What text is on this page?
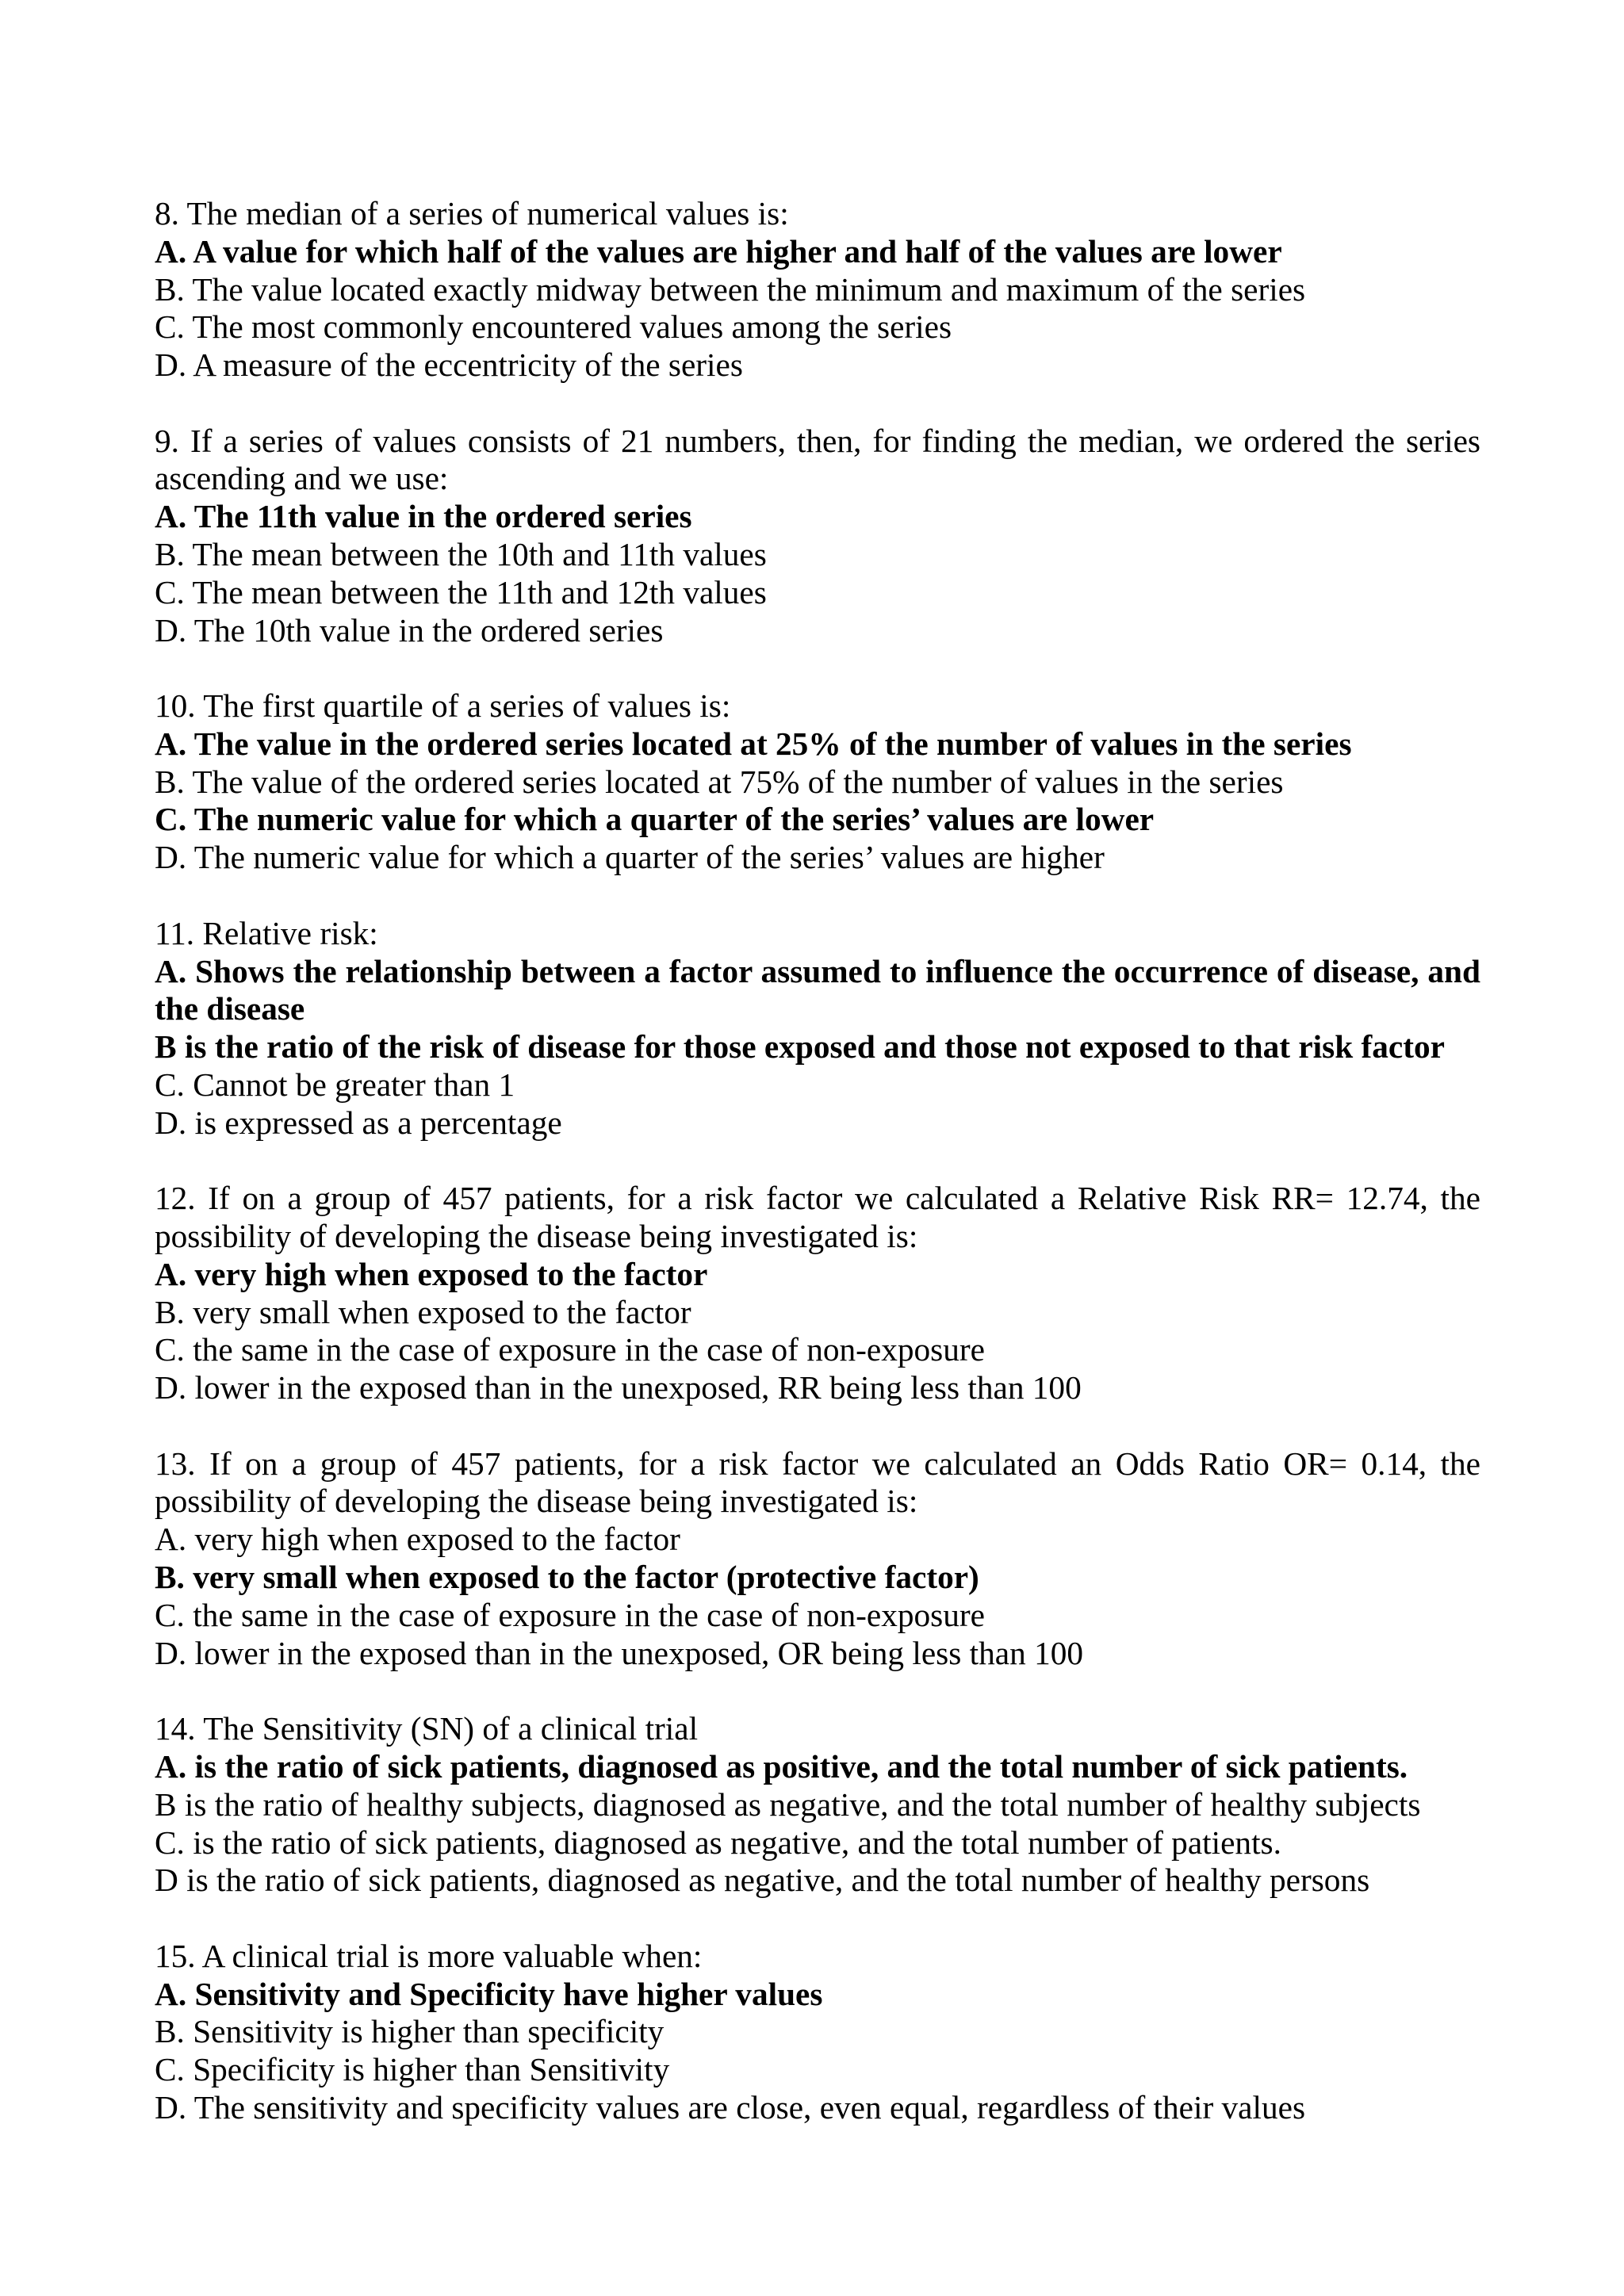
8. The median of a series of numerical values is:

A. A value for which half of the values are higher and half of the values are lower

B. The value located exactly midway between the minimum and maximum of the series

C. The most commonly encountered values among the series

D. A measure of the eccentricity of the series

9. If a series of values consists of 21 numbers, then, for finding the median, we ordered the series ascending and we use:

A. The 11th value in the ordered series

B. The mean between the 10th and 11th values

C. The mean between the 11th and 12th values

D. The 10th value in the ordered series

10. The first quartile of a series of values is:

A. The value in the ordered series located at 25% of the number of values in the series

B. The value of the ordered series located at 75% of the number of values in the series

C. The numeric value for which a quarter of the series’ values are lower

D. The numeric value for which a quarter of the series’ values are higher

11. Relative risk:

A. Shows the relationship between a factor assumed to influence the occurrence of disease, and the disease

B is the ratio of the risk of disease for those exposed and those not exposed to that risk factor

C. Cannot be greater than 1

D. is expressed as a percentage

12. If on a group of 457 patients, for a risk factor we calculated a Relative Risk RR= 12.74, the possibility of developing the disease being investigated is:

A. very high when exposed to the factor

B. very small when exposed to the factor

C. the same in the case of exposure in the case of non-exposure

D. lower in the exposed than in the unexposed, RR being less than 100

13. If on a group of 457 patients, for a risk factor we calculated an Odds Ratio OR= 0.14, the possibility of developing the disease being investigated is:

A. very high when exposed to the factor

B. very small when exposed to the factor (protective factor)

C. the same in the case of exposure in the case of non-exposure

D. lower in the exposed than in the unexposed, OR being less than 100

14. The Sensitivity (SN) of a clinical trial

A. is the ratio of sick patients, diagnosed as positive, and the total number of sick patients.

B is the ratio of healthy subjects, diagnosed as negative, and the total number of healthy subjects

C. is the ratio of sick patients, diagnosed as negative, and the total number of patients.

D is the ratio of sick patients, diagnosed as negative, and the total number of healthy persons

15. A clinical trial is more valuable when:

A. Sensitivity and Specificity have higher values

B. Sensitivity is higher than specificity

C. Specificity is higher than Sensitivity

D. The sensitivity and specificity values are close, even equal, regardless of their values
